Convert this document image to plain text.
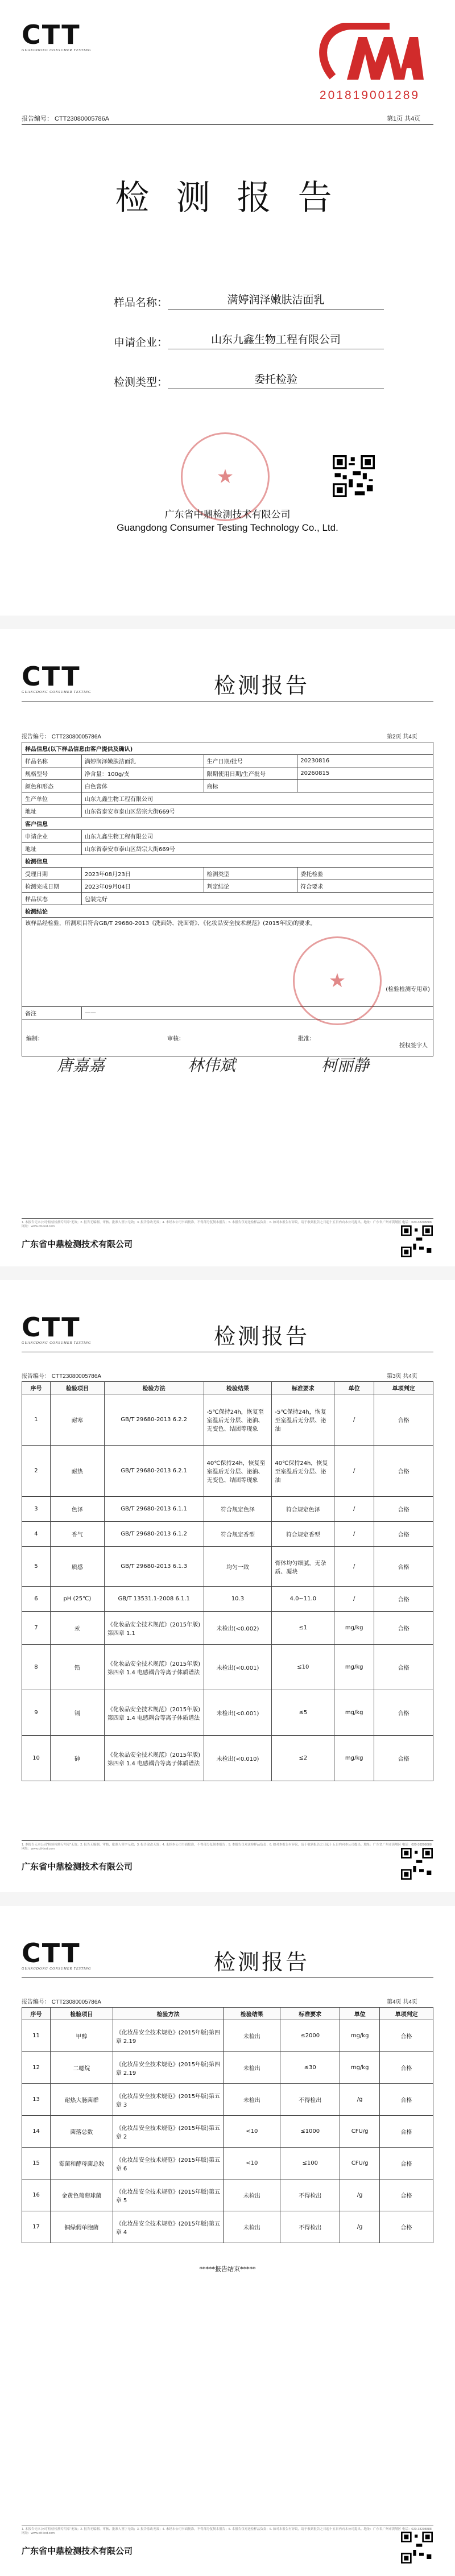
CTT
GUANGDONG CONSUMER TESTING
201819001289
报告编号： CTT23080005786A	第1页 共4页
检 测 报 告
样品名称：	满婷润泽嫩肤洁面乳
申请企业：	山东九鑫生物工程有限公司
检测类型：	委托检验
★
广东省中鼎检测技术有限公司
Guangdong Consumer Testing Technology Co., Ltd.
CTT
GUANGDONG CONSUMER TESTING	检测报告
报告编号： CTT23080005786A	第2页 共4页
样品信息(以下样品信息由客户提供及确认)			
样品名称	满婷润泽嫩肤洁面乳	生产日期/批号	20230816
规格型号	净含量：100g/支	限期使用日期/生产批号	20260815
颜色和形态	白色膏体	商标	
生产单位	山东九鑫生物工程有限公司		
地址	山东省泰安市泰山区岱宗大街669号		
客户信息			
申请企业	山东九鑫生物工程有限公司		
地址	山东省泰安市泰山区岱宗大街669号		
检测信息			
受理日期	2023年08月23日	检测类型	委托检验
检测完成日期	2023年09月04日	判定结论	符合要求
样品状态	包装完好		
检测结论			

该样品经检验，所测项目符合GB/T 29680-2013《洗面奶、洗面膏》、《化妆品安全技术规范》(2015年版)的要求。
(检验检测专用章)			

备注	——		

编制： 审核： 批准：
授权签字人			
唐嘉嘉	林伟斌	柯丽静
★
1. 本报告无本公司“检验检测专用章”无效；2. 报告无编制、审核、批准人签字无效；3. 报告涂改无效；4. 未经本公司书面批准，不得部分复制本报告；5. 本报告仅对送检样品负责；6. 如对本报告有异议，请于收到报告之日起十五日内向本公司提出。地址：广东省广州市黄埔区 电话：020-38208888 网址：www.ctt-test.com
广东省中鼎检测技术有限公司
CTT
GUANGDONG CONSUMER TESTING	检测报告
报告编号： CTT23080005786A	第3页 共4页
序号	检验项目	检验方法	检验结果	标准要求	单位	单项判定
1	耐寒	GB/T 29680-2013 6.2.2	-5℃保持24h，恢复至室温后无分层、泌油、无变色、结团等现象	-5℃保持24h，恢复至室温后无分层、泌油	/	合格
2	耐热	GB/T 29680-2013 6.2.1	40℃保持24h，恢复至室温后无分层、泌油、无变色、结团等现象	40℃保持24h，恢复至室温后无分层、泌油	/	合格
3	色泽	GB/T 29680-2013 6.1.1	符合规定色泽	符合规定色泽	/	合格
4	香气	GB/T 29680-2013 6.1.2	符合规定香型	符合规定香型	/	合格
5	质感	GB/T 29680-2013 6.1.3	均匀一致	膏体均匀细腻，无杂质、凝块	/	合格
6	pH (25℃)	GB/T 13531.1-2008 6.1.1	10.3	4.0~11.0	/	合格
7	汞	《化妆品安全技术规范》(2015年版)第四章 1.1	未检出(<0.002)	≤1	mg/kg	合格
8	铅	《化妆品安全技术规范》(2015年版)第四章 1.4 电感耦合等离子体质谱法	未检出(<0.001)	≤10	mg/kg	合格
9	镉	《化妆品安全技术规范》(2015年版)第四章 1.4 电感耦合等离子体质谱法	未检出(<0.001)	≤5	mg/kg	合格
10	砷	《化妆品安全技术规范》(2015年版)第四章 1.4 电感耦合等离子体质谱法	未检出(<0.010)	≤2	mg/kg	合格
1. 本报告无本公司“检验检测专用章”无效；2. 报告无编制、审核、批准人签字无效；3. 报告涂改无效；4. 未经本公司书面批准，不得部分复制本报告；5. 本报告仅对送检样品负责；6. 如对本报告有异议，请于收到报告之日起十五日内向本公司提出。地址：广东省广州市黄埔区 电话：020-38208888 网址：www.ctt-test.com
广东省中鼎检测技术有限公司
CTT
GUANGDONG CONSUMER TESTING	检测报告
报告编号： CTT23080005786A	第4页 共4页
序号	检验项目	检验方法	检验结果	标准要求	单位	单项判定
11	甲醇	《化妆品安全技术规范》(2015年版)第四章 2.19	未检出	≤2000	mg/kg	合格
12	二噁烷	《化妆品安全技术规范》(2015年版)第四章 2.19	未检出	≤30	mg/kg	合格
13	耐热大肠菌群	《化妆品安全技术规范》(2015年版)第五章 3	未检出	不得检出	/g	合格
14	菌落总数	《化妆品安全技术规范》(2015年版)第五章 2	<10	≤1000	CFU/g	合格
15	霉菌和酵母菌总数	《化妆品安全技术规范》(2015年版)第五章 6	<10	≤100	CFU/g	合格
16	金黄色葡萄球菌	《化妆品安全技术规范》(2015年版)第五章 5	未检出	不得检出	/g	合格
17	铜绿假单胞菌	《化妆品安全技术规范》(2015年版)第五章 4	未检出	不得检出	/g	合格
*****报告结束*****
1. 本报告无本公司“检验检测专用章”无效；2. 报告无编制、审核、批准人签字无效；3. 报告涂改无效；4. 未经本公司书面批准，不得部分复制本报告；5. 本报告仅对送检样品负责；6. 如对本报告有异议，请于收到报告之日起十五日内向本公司提出。地址：广东省广州市黄埔区 电话：020-38208888 网址：www.ctt-test.com
广东省中鼎检测技术有限公司
